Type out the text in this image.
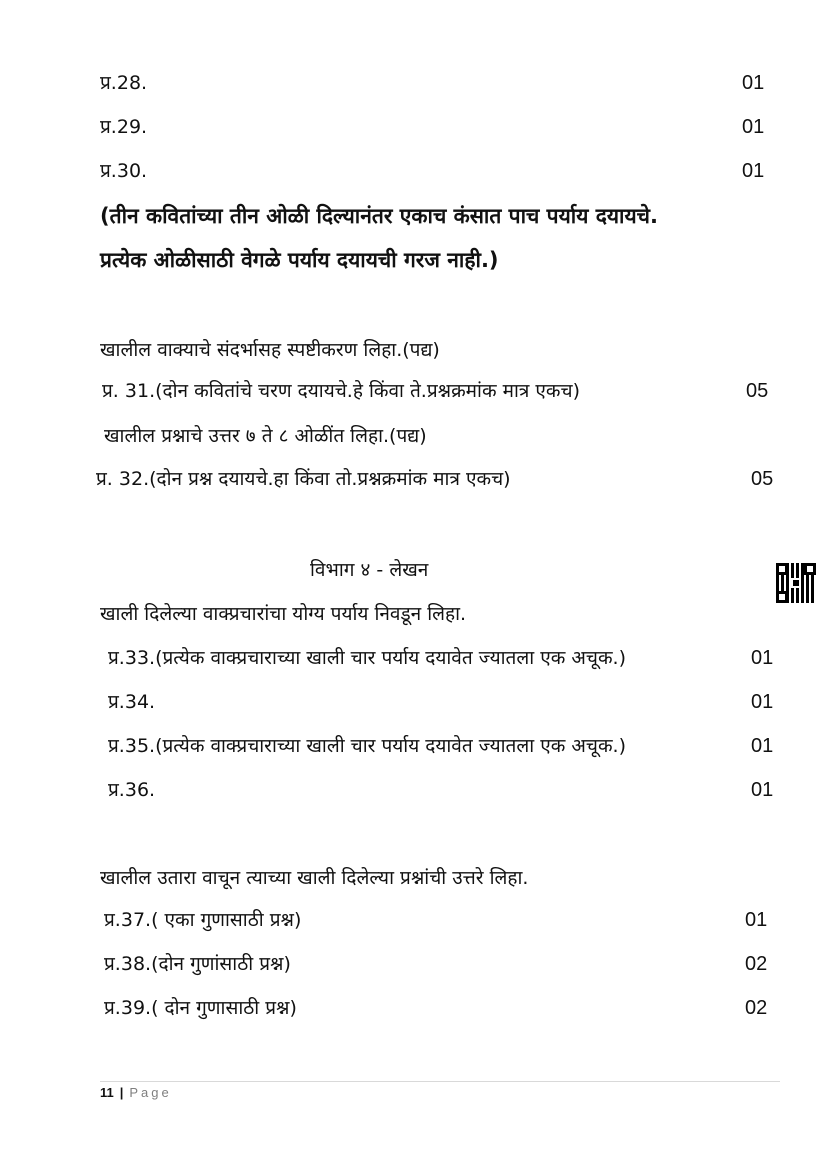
प्र.28.	01
प्र.29.	01
प्र.30.	01
(तीन कवितांच्या तीन ओळी दिल्यानंतर एकाच कंसात पाच पर्याय दयायचे.
प्रत्येक ओळीसाठी वेगळे पर्याय दयायची गरज नाही.)
खालील वाक्याचे संदर्भासह स्पष्टीकरण लिहा.(पद्य)
प्र. 31.(दोन कवितांचे चरण दयायचे.हे किंवा ते.प्रश्नक्रमांक मात्र एकच)	05
खालील प्रश्नाचे उत्तर ७ ते ८ ओळींत लिहा.(पद्य)
प्र. 32.(दोन प्रश्न दयायचे.हा किंवा तो.प्रश्नक्रमांक मात्र एकच)	05
विभाग ४ - लेखन
खाली दिलेल्या वाक्प्रचारांचा योग्य पर्याय निवडून लिहा.
प्र.33.(प्रत्येक वाक्प्रचाराच्या खाली चार पर्याय दयावेत ज्यातला एक अचूक.)	01
प्र.34.	01
प्र.35.(प्रत्येक वाक्प्रचाराच्या खाली चार पर्याय दयावेत ज्यातला एक अचूक.)	01
प्र.36.	01
खालील उतारा वाचून त्याच्या खाली दिलेल्या प्रश्नांची उत्तरे लिहा.
प्र.37.( एका गुणासाठी प्रश्न)	01
प्र.38.(दोन गुणांसाठी प्रश्न)	02
प्र.39.( दोन गुणासाठी प्रश्न)	02
11 | Page
